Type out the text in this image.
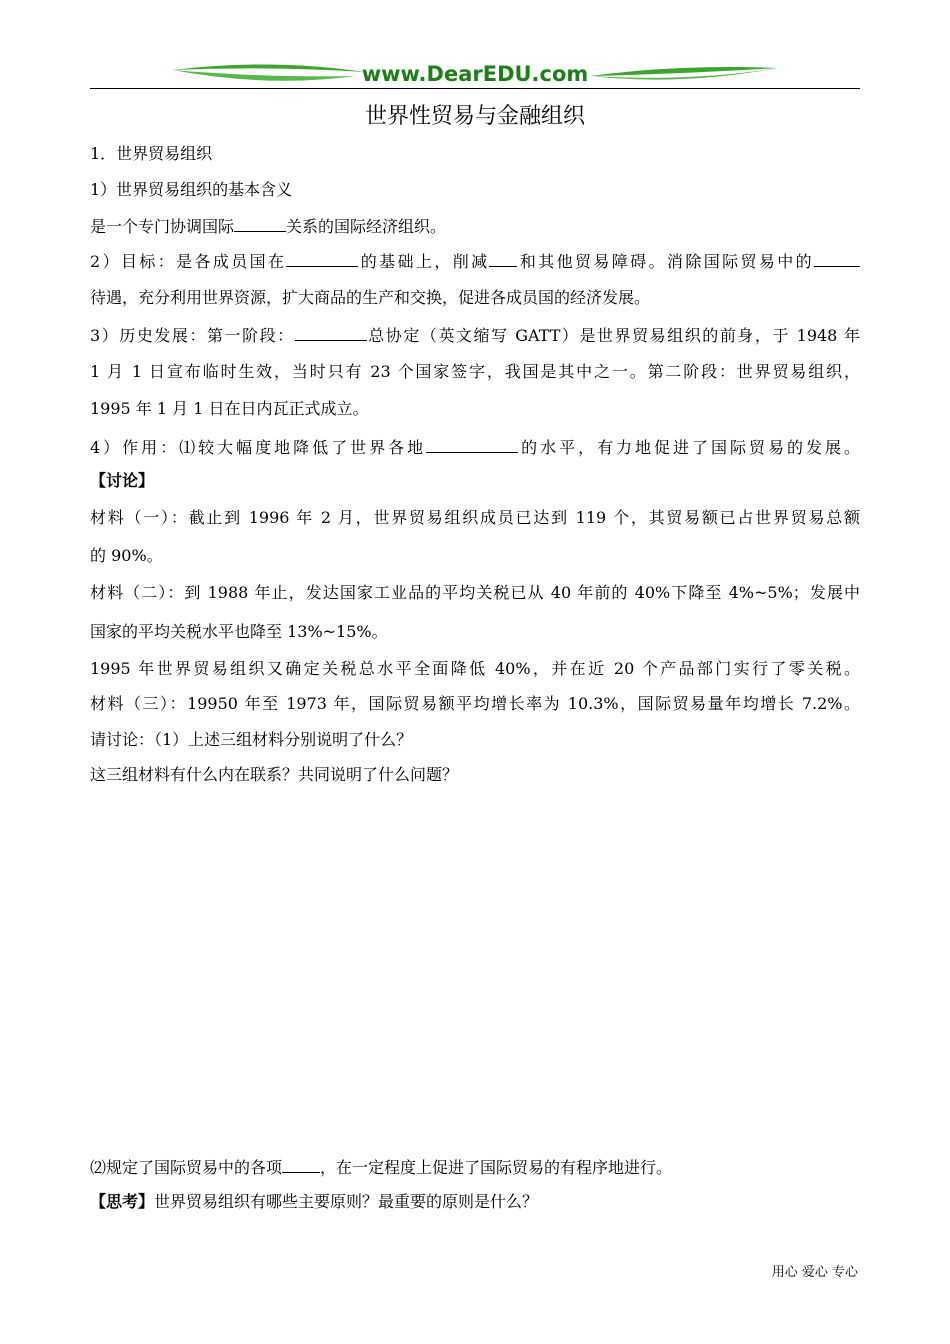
www.DearEDU.com
世界性贸易与金融组织
1．世界贸易组织
1）世界贸易组织的基本含义
是一个专门协调国际	关系的国际经济组织。
2）目标：是各成员国在	的基础上，削减 和其他贸易障碍。消除国际贸易中的
待遇，充分利用世界资源，扩大商品的生产和交换，促进各成员国的经济发展。
3）历史发展：第一阶段：	总协定（英文缩写 GATT）是世界贸易组织的前身，于 1948 年
1 月 1 日宣布临时生效，当时只有 23 个国家签字，我国是其中之一。第二阶段：世界贸易组织，
1995 年 1 月 1 日在日内瓦正式成立。
4）作用：⑴较大幅度地降低了世界各地	的水平，有力地促进了国际贸易的发展。
【讨论】
材料（一）：截止到 1996 年 2 月，世界贸易组织成员已达到 119 个，其贸易额已占世界贸易总额
的 90%。
材料（二）：到 1988 年止，发达国家工业品的平均关税已从 40 年前的 40%下降至 4%~5%；发展中
国家的平均关税水平也降至 13%~15%。
1995 年世界贸易组织又确定关税总水平全面降低 40%，并在近 20 个产品部门实行了零关税。
材料（三）：19950 年至 1973 年，国际贸易额平均增长率为 10.3%，国际贸易量年均增长 7.2%。
请讨论：（1）上述三组材料分别说明了什么？
这三组材料有什么内在联系？共同说明了什么问题？
⑵规定了国际贸易中的各项 ，在一定程度上促进了国际贸易的有程序地进行。
【思考】世界贸易组织有哪些主要原则？最重要的原则是什么？
用心 爱心 专心
